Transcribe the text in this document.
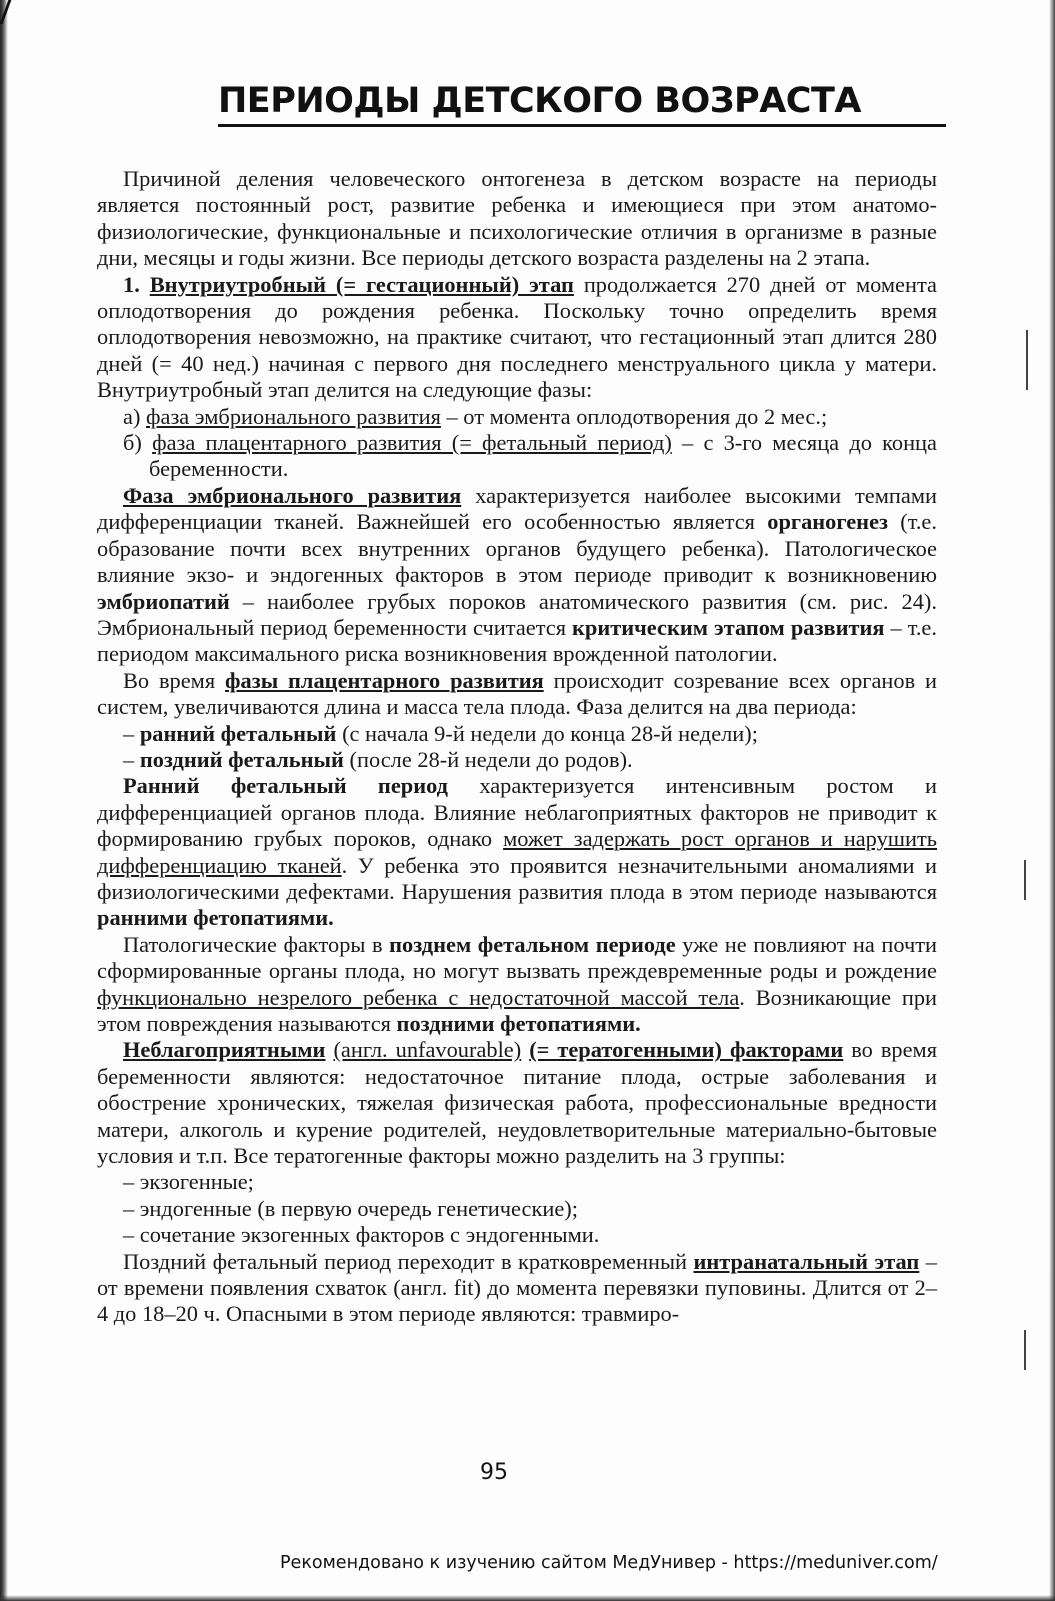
ПЕРИОДЫ ДЕТСКОГО ВОЗРАСТА

Причиной деления человеческого онтогенеза в детском возрасте на периоды является постоянный рост, развитие ребенка и имеющиеся при этом анатомо-физиологические, функциональные и психологические отличия в организме в разные дни, месяцы и годы жизни. Все периоды детского возраста разделены на 2 этапа.

1. Внутриутробный (= гестационный) этап продолжается 270 дней от момента оплодотворения до рождения ребенка. Поскольку точно определить время оплодотворения невозможно, на практике считают, что гестационный этап длится 280 дней (= 40 нед.) начиная с первого дня последнего менструального цикла у матери. Внутриутробный этап делится на следующие фазы:

а) фаза эмбрионального развития – от момента оплодотворения до 2 мес.;

б) фаза плацентарного развития (= фетальный период) – с 3-го месяца до конца беременности.

Фаза эмбрионального развития характеризуется наиболее высокими темпами дифференциации тканей. Важнейшей его особенностью является органогенез (т.е. образование почти всех внутренних органов будущего ребенка). Патологическое влияние экзо- и эндогенных факторов в этом периоде приводит к возникновению эмбриопатий – наиболее грубых пороков анатомического развития (см. рис. 24). Эмбриональный период беременности считается критическим этапом развития – т.е. периодом максимального риска возникновения врожденной патологии.

Во время фазы плацентарного развития происходит созревание всех органов и систем, увеличиваются длина и масса тела плода. Фаза делится на два периода:

– ранний фетальный (с начала 9-й недели до конца 28-й недели);

– поздний фетальный (после 28-й недели до родов).

Ранний фетальный период характеризуется интенсивным ростом и дифференциацией органов плода. Влияние неблагоприятных факторов не приводит к формированию грубых пороков, однако может задержать рост органов и нарушить дифференциацию тканей. У ребенка это проявится незначительными аномалиями и физиологическими дефектами. Нарушения развития плода в этом периоде называются ранними фетопатиями.

Патологические факторы в позднем фетальном периоде уже не повлияют на почти сформированные органы плода, но могут вызвать преждевременные роды и рождение функционально незрелого ребенка с недостаточной массой тела. Возникающие при этом повреждения называются поздними фетопатиями.

Неблагоприятными (англ. unfavourable) (= тератогенными) факторами во время беременности являются: недостаточное питание плода, острые заболевания и обострение хронических, тяжелая физическая работа, профессиональные вредности матери, алкоголь и курение родителей, неудовлетворительные материально-бытовые условия и т.п. Все тератогенные факторы можно разделить на 3 группы:

– экзогенные;

– эндогенные (в первую очередь генетические);

– сочетание экзогенных факторов с эндогенными.

Поздний фетальный период переходит в кратковременный интранатальный этап – от времени появления схваток (англ. fit) до момента перевязки пуповины. Длится от 2–4 до 18–20 ч. Опасными в этом периоде являются: травмиро-

95
Рекомендовано к изучению сайтом МедУнивер - https://meduniver.com/
